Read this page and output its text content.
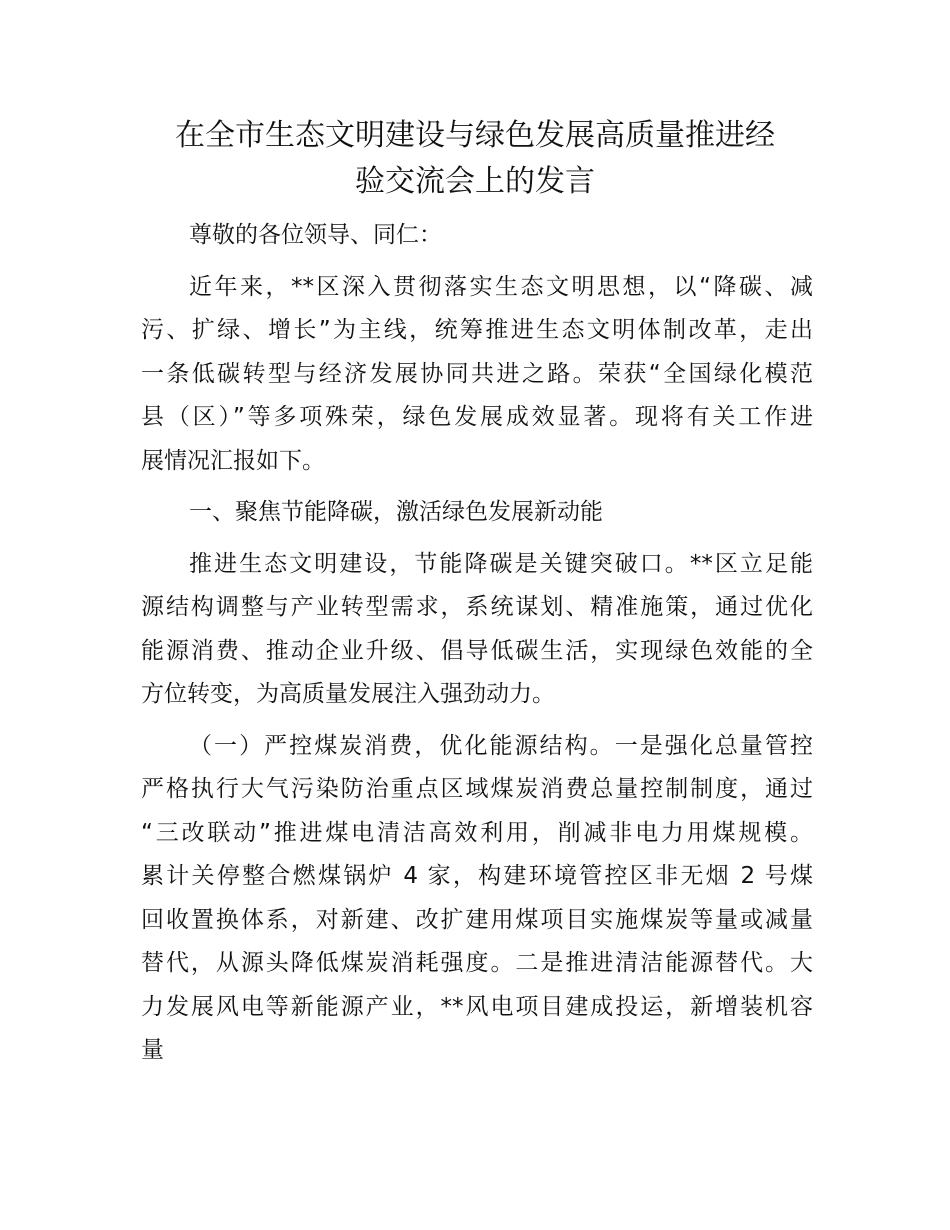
在全市生态文明建设与绿色发展高质量推进经
验交流会上的发言
尊敬的各位领导、同仁：
近年来，**区深入贯彻落实生态文明思想，以“降碳、减
污、扩绿、增长”为主线，统筹推进生态文明体制改革，走出
一条低碳转型与经济发展协同共进之路。荣获“全国绿化模范
县（区）”等多项殊荣，绿色发展成效显著。现将有关工作进
展情况汇报如下。
一、聚焦节能降碳，激活绿色发展新动能
推进生态文明建设，节能降碳是关键突破口。**区立足能
源结构调整与产业转型需求，系统谋划、精准施策，通过优化
能源消费、推动企业升级、倡导低碳生活，实现绿色效能的全
方位转变，为高质量发展注入强劲动力。
（一）严控煤炭消费，优化能源结构。一是强化总量管控
严格执行大气污染防治重点区域煤炭消费总量控制制度，通过
“三改联动”推进煤电清洁高效利用，削减非电力用煤规模。
累计关停整合燃煤锅炉 4 家，构建环境管控区非无烟 2 号煤
回收置换体系，对新建、改扩建用煤项目实施煤炭等量或减量
替代，从源头降低煤炭消耗强度。二是推进清洁能源替代。大
力发展风电等新能源产业，**风电项目建成投运，新增装机容
量
